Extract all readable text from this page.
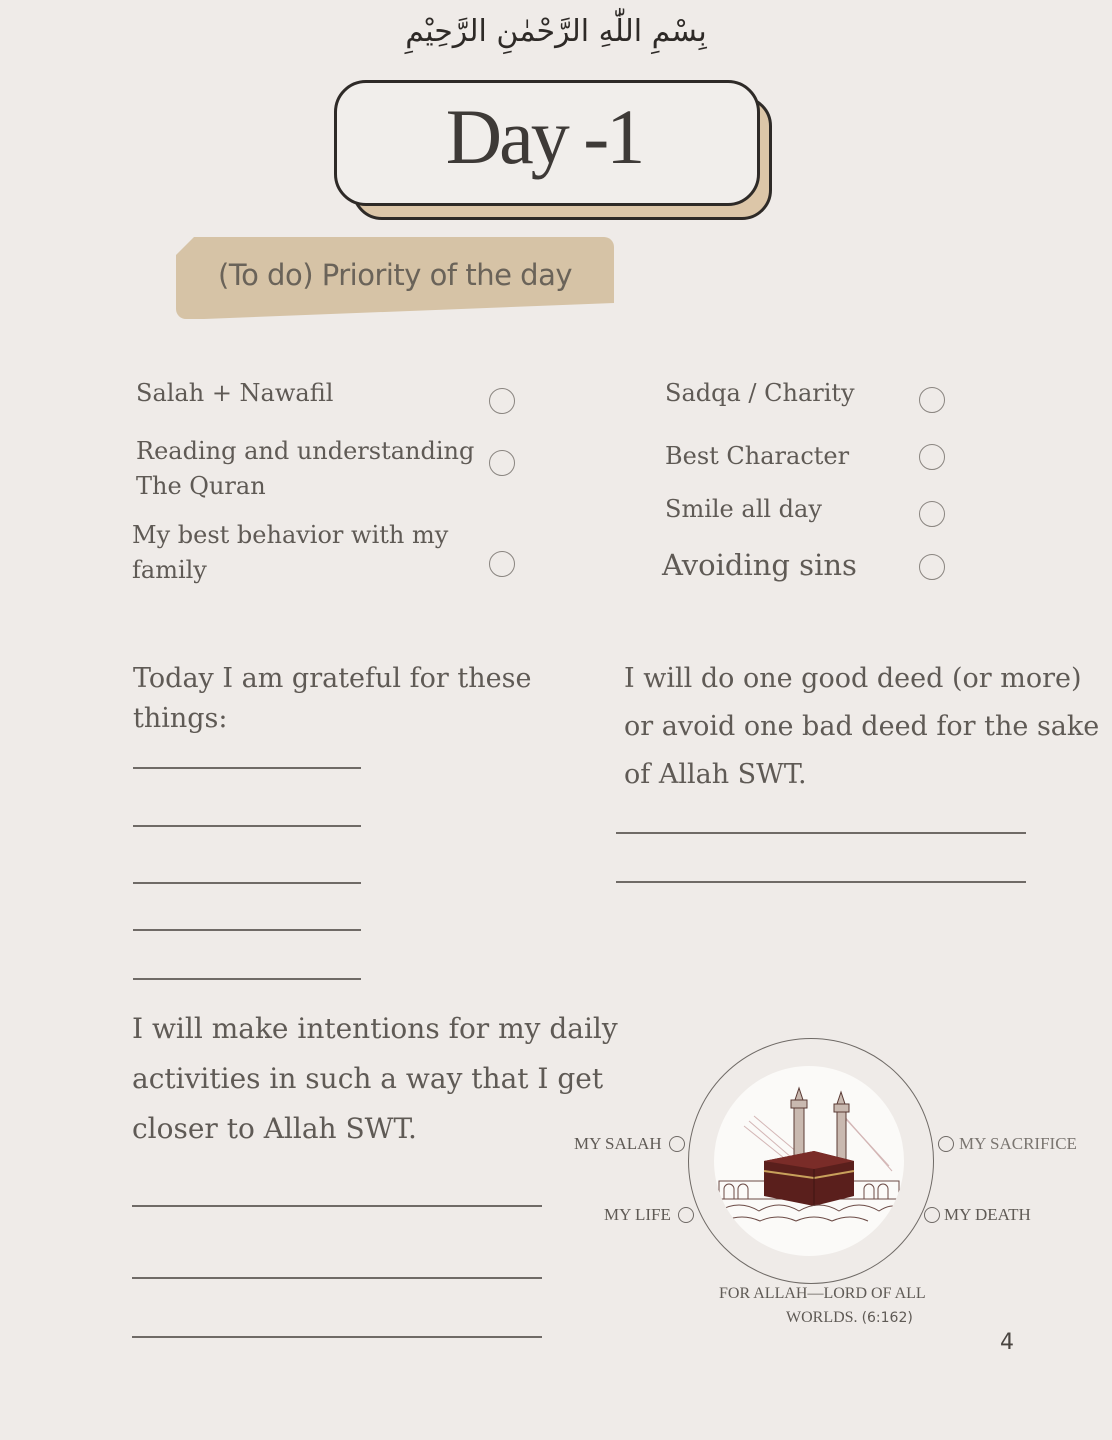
بِسْمِ اللّٰهِ الرَّحْمٰنِ الرَّحِيْمِ
Day -1
(To do) Priority of the day
Salah + Nawafil
Reading and understanding
The Quran
My best behavior with my
family
Sadqa / Charity
Best Character
Smile all day
Avoiding sins
Today I am grateful for these
things:
I will do one good deed (or more)
or avoid one bad deed for the sake
of Allah SWT.
I will make intentions for my daily
activities in such a way that I get
closer to Allah SWT.	MY SALAH	MY SACRIFICE
MY LIFE	MY DEATH
FOR ALLAH—LORD OF ALL
WORLDS. (6:162)
4
